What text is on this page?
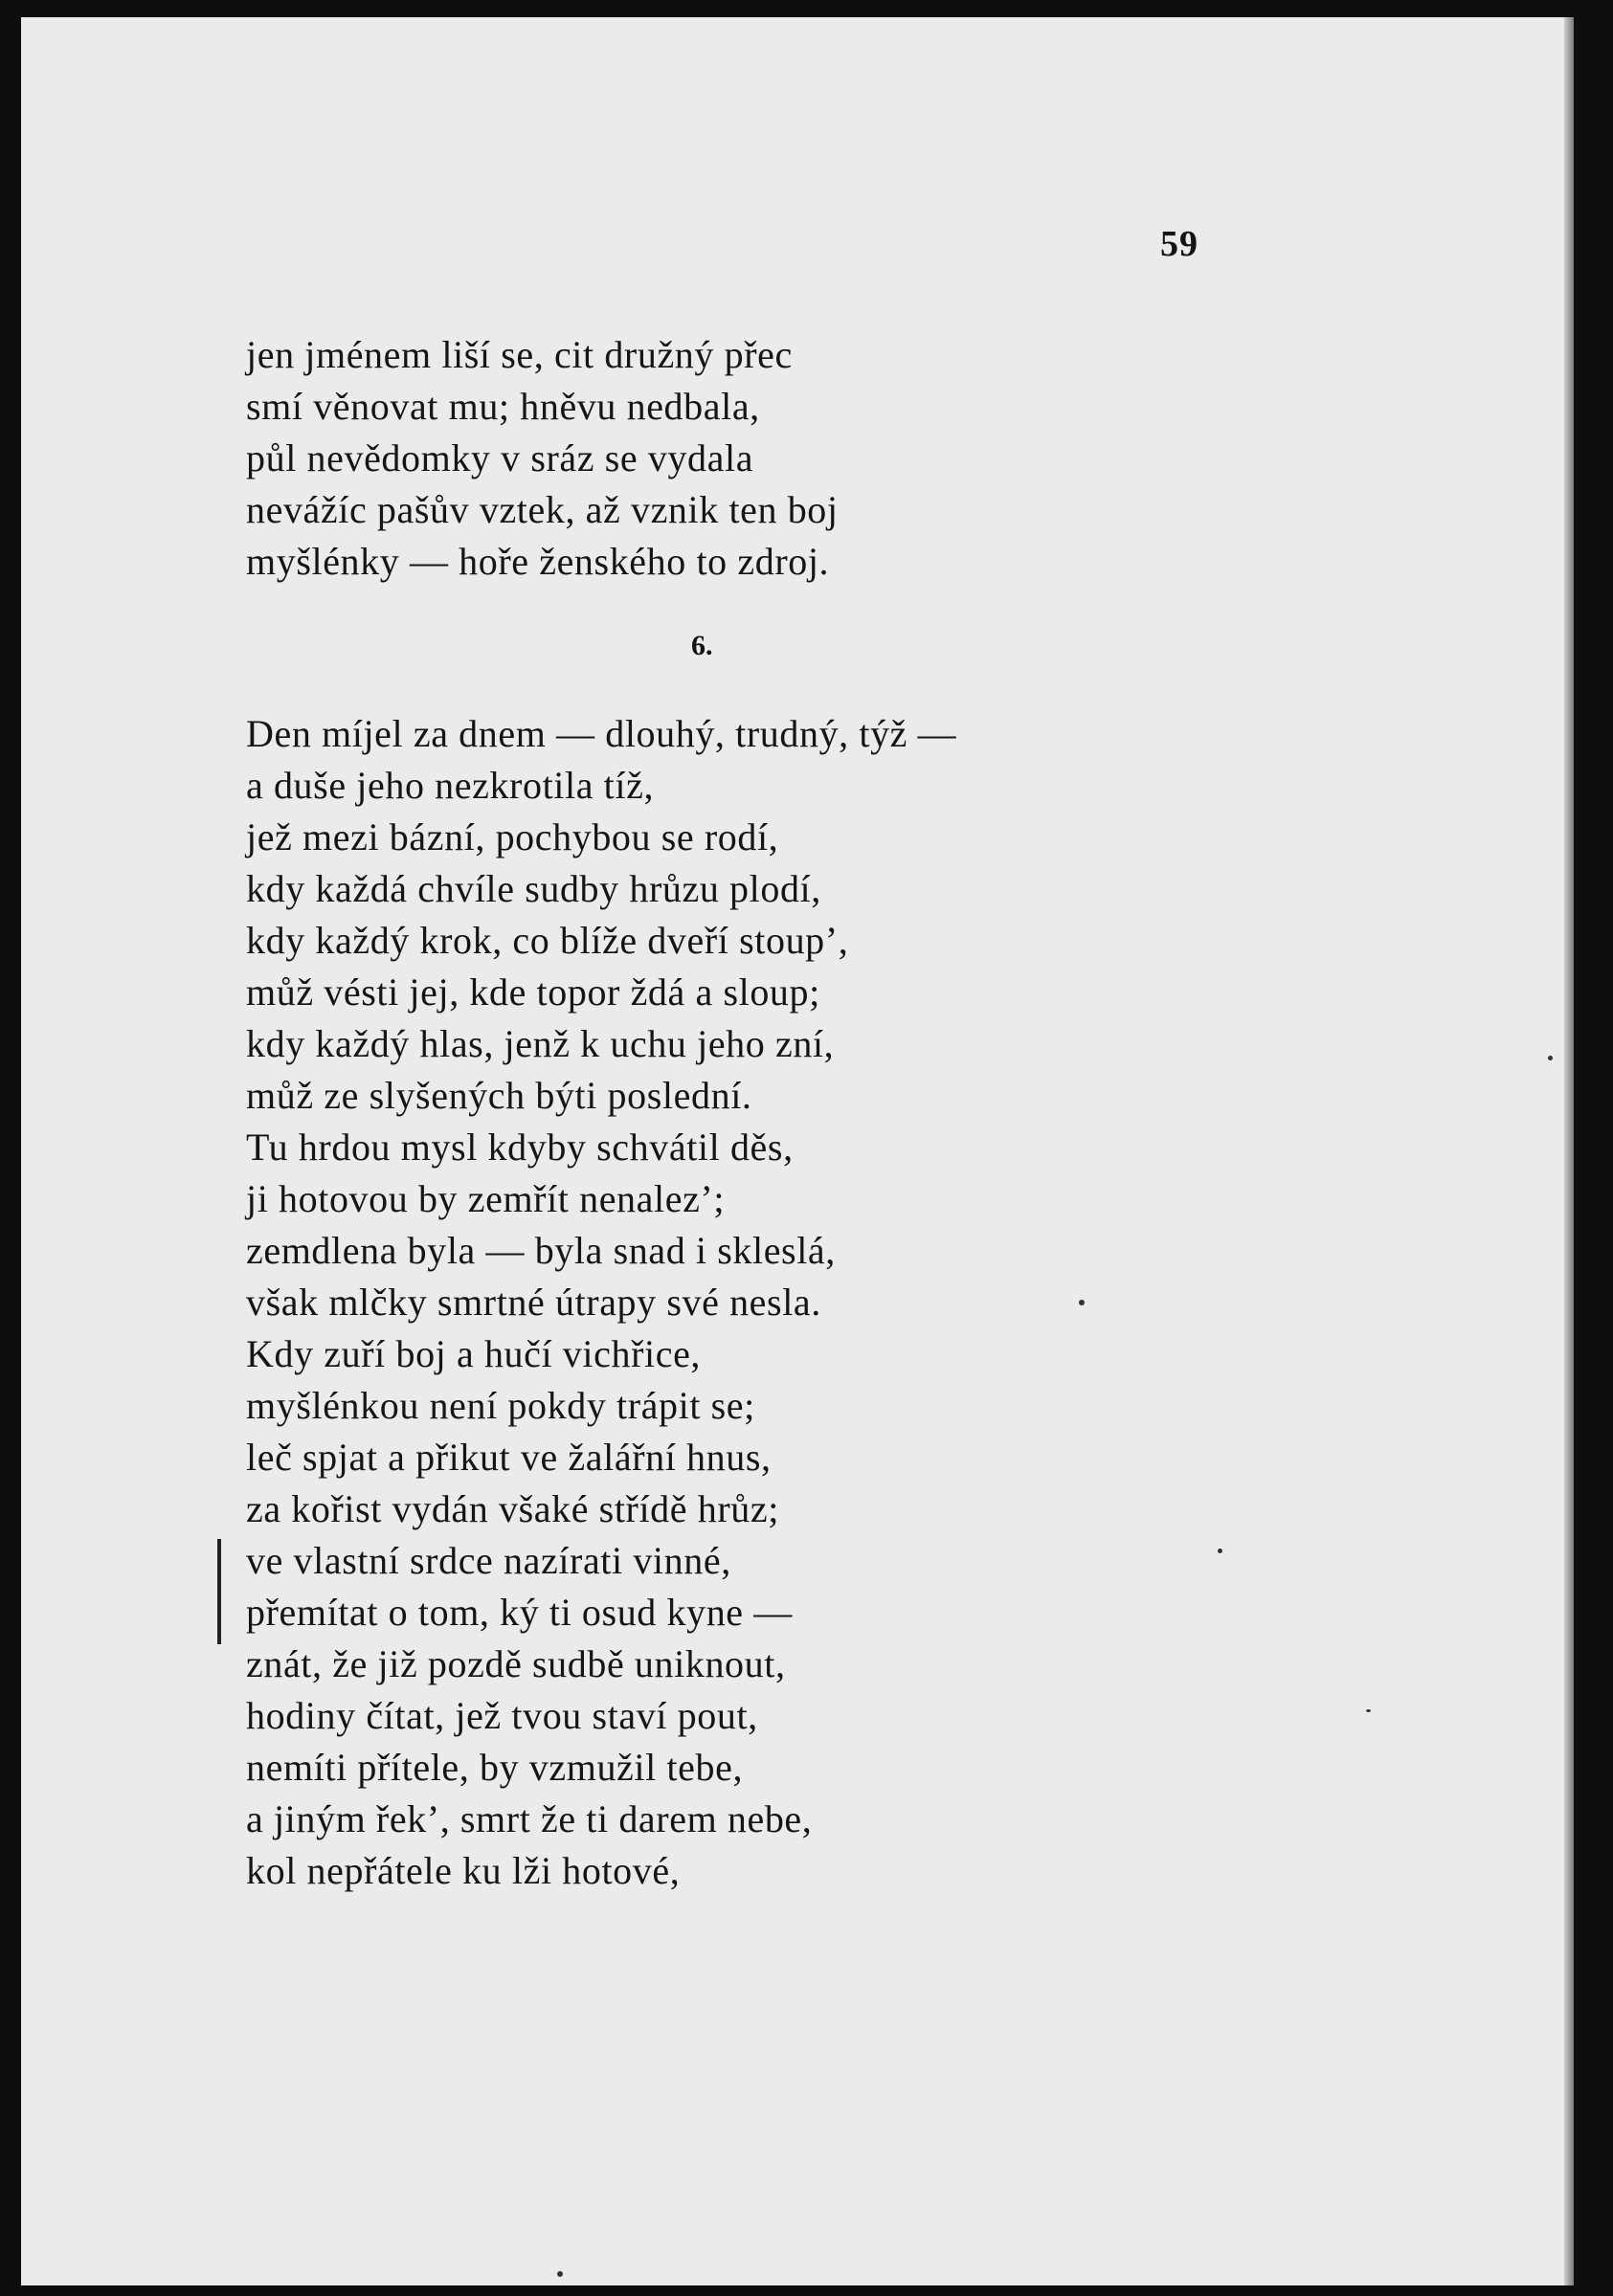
59
jen jménem liší se, cit družný přec
smí věnovat mu; hněvu nedbala,
půl nevědomky v sráz se vydala
nevážíc pašův vztek, až vznik ten boj
myšlénky — hoře ženského to zdroj.
6.
Den míjel za dnem — dlouhý, trudný, týž —
a duše jeho nezkrotila tíž,
jež mezi bázní, pochybou se rodí,
kdy každá chvíle sudby hrůzu plodí,
kdy každý krok, co blíže dveří stoup’,
můž vésti jej, kde topor ždá a sloup;
kdy každý hlas, jenž k uchu jeho zní,
můž ze slyšených býti poslední.
Tu hrdou mysl kdyby schvátil děs,
ji hotovou by zemřít nenalez’;
zemdlena byla — byla snad i skleslá,
však mlčky smrtné útrapy své nesla.
Kdy zuří boj a hučí vichřice,
myšlénkou není pokdy trápit se;
leč spjat a přikut ve žalářní hnus,
za kořist vydán všaké střídě hrůz;
ve vlastní srdce nazírati vinné,
přemítat o tom, ký ti osud kyne —
znát, že již pozdě sudbě uniknout,
hodiny čítat, jež tvou staví pout,
nemíti přítele, by vzmužil tebe,
a jiným řek’, smrt že ti darem nebe,
kol nepřátele ku lži hotové,
